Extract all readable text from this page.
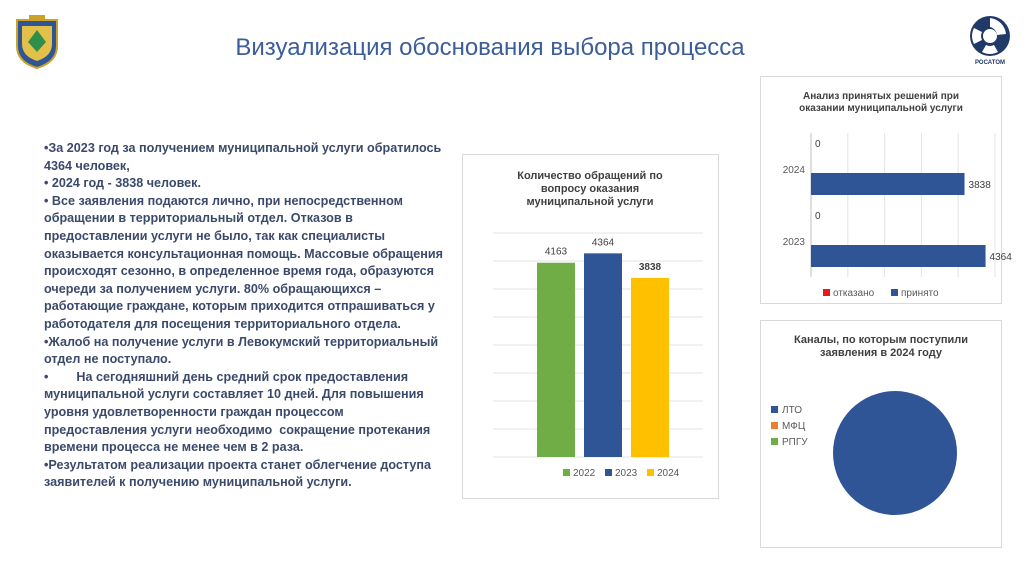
РОСАТОМ
Визуализация обоснования выбора процесса

•За 2023 год за получением муниципальной услуги обратилось 4364 человек,

• 2024 год - 3838 человек.

• Все заявления подаются лично, при непосредственном обращении в территориальный отдел. Отказов в предоставлении услуги не было, так как специалисты оказывается консультационная помощь. Массовые обращения происходят сезонно, в определенное время года, образуются очереди за получением услуги. 80% обращающихся – работающие граждане, которым приходится отпрашиваться у работодателя для посещения территориального отдела.

•Жалоб на получение услуги в Левокумский территориальный отдел не поступало.

•        На сегодняшний день средний срок предоставления муниципальной услуги составляет 10 дней. Для повышения уровня удовлетворенности граждан процессом предоставления услуги необходимо  сокращение протекания времени процесса не менее чем в 2 раза.

•Результатом реализации проекта станет облегчение доступа заявителей к получению муниципальной услуги.

Количество обращений по
вопросу оказания
муниципальной услуги
4163
4364
3838
2022 2023 2024
Анализ принятых решений при
оказании муниципальной услуги
2024
0
3838
2023
0
4364
отказано	принято
Каналы, по которым поступили
заявления в 2024 году
ЛТО
МФЦ
РПГУ
